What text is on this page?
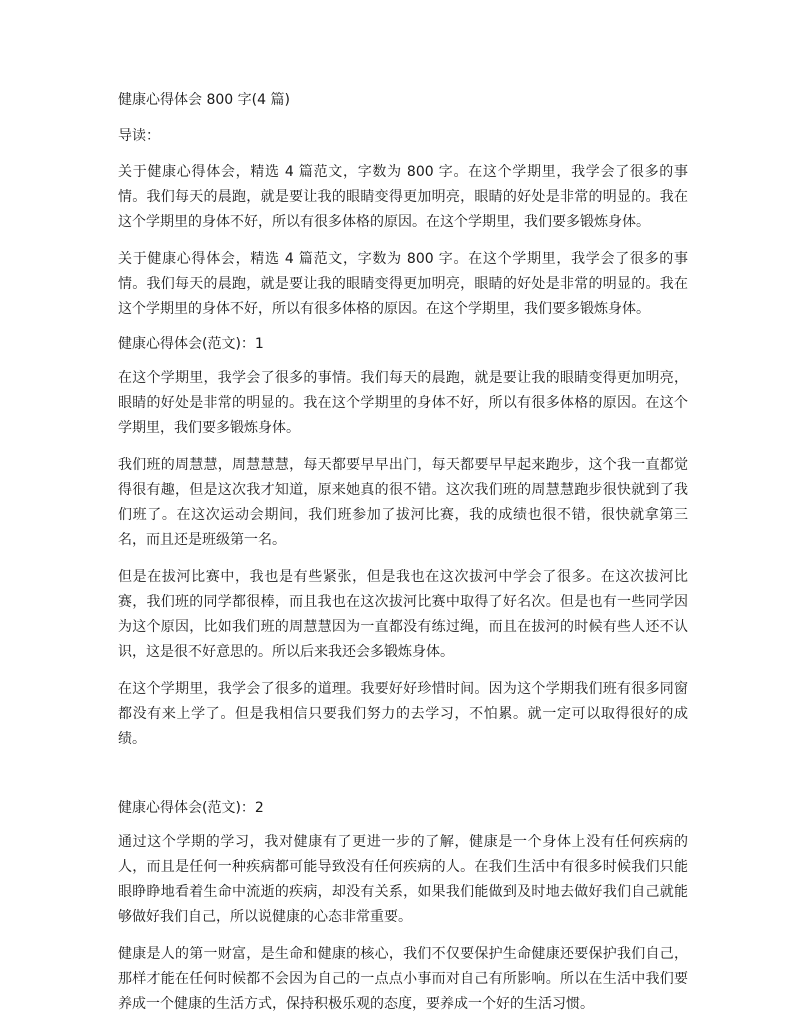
健康心得体会 800 字(4 篇)
导读：

关于健康心得体会，精选 4 篇范文，字数为 800 字。在这个学期里，我学会了很多的事情。我们每天的晨跑，就是要让我的眼睛变得更加明亮，眼睛的好处是非常的明显的。我在这个学期里的身体不好，所以有很多体格的原因。在这个学期里，我们要多锻炼身体。

关于健康心得体会，精选 4 篇范文，字数为 800 字。在这个学期里，我学会了很多的事情。我们每天的晨跑，就是要让我的眼睛变得更加明亮，眼睛的好处是非常的明显的。我在这个学期里的身体不好，所以有很多体格的原因。在这个学期里，我们要多锻炼身体。

健康心得体会(范文)：1

在这个学期里，我学会了很多的事情。我们每天的晨跑，就是要让我的眼睛变得更加明亮，眼睛的好处是非常的明显的。我在这个学期里的身体不好，所以有很多体格的原因。在这个学期里，我们要多锻炼身体。

我们班的周慧慧，周慧慧慧，每天都要早早出门，每天都要早早起来跑步，这个我一直都觉得很有趣，但是这次我才知道，原来她真的很不错。这次我们班的周慧慧跑步很快就到了我们班了。在这次运动会期间，我们班参加了拔河比赛，我的成绩也很不错，很快就拿第三名，而且还是班级第一名。

但是在拔河比赛中，我也是有些紧张，但是我也在这次拔河中学会了很多。在这次拔河比赛，我们班的同学都很棒，而且我也在这次拔河比赛中取得了好名次。但是也有一些同学因为这个原因，比如我们班的周慧慧因为一直都没有练过绳，而且在拔河的时候有些人还不认识，这是很不好意思的。所以后来我还会多锻炼身体。

在这个学期里，我学会了很多的道理。我要好好珍惜时间。因为这个学期我们班有很多同窗都没有来上学了。但是我相信只要我们努力的去学习，不怕累。就一定可以取得很好的成绩。

健康心得体会(范文)：2

通过这个学期的学习，我对健康有了更进一步的了解，健康是一个身体上没有任何疾病的人，而且是任何一种疾病都可能导致没有任何疾病的人。在我们生活中有很多时候我们只能眼睁睁地看着生命中流逝的疾病，却没有关系，如果我们能做到及时地去做好我们自己就能够做好我们自己，所以说健康的心态非常重要。

健康是人的第一财富，是生命和健康的核心，我们不仅要保护生命健康还要保护我们自己，那样才能在任何时候都不会因为自己的一点点小事而对自己有所影响。所以在生活中我们要养成一个健康的生活方式，保持积极乐观的态度，要养成一个好的生活习惯。
